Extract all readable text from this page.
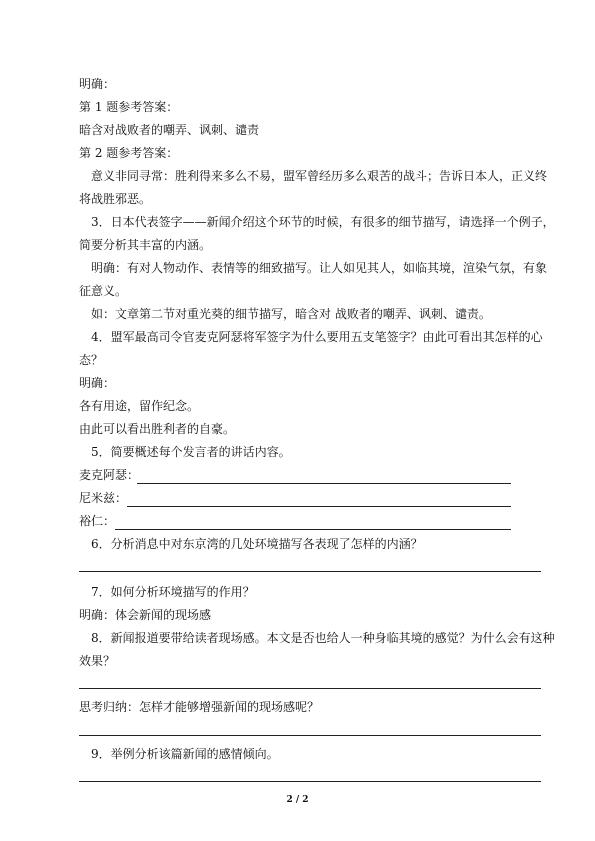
明确：
第 1 题参考答案：
暗含对战败者的嘲弄、讽刺、谴责
第 2 题参考答案：
意义非同寻常：胜利得来多么不易，盟军曾经历多么艰苦的战斗；告诉日本人，正义终
将战胜邪恶。
3．日本代表签字——新闻介绍这个环节的时候，有很多的细节描写，请选择一个例子，
简要分析其丰富的内涵。
明确：有对人物动作、表情等的细致描写。让人如见其人，如临其境，渲染气氛，有象
征意义。
如：文章第二节对重光葵的细节描写，暗含对 战败者的嘲弄、讽刺、谴责。
4．盟军最高司令官麦克阿瑟将军签字为什么要用五支笔签字？由此可看出其怎样的心
态？
明确：
各有用途，留作纪念。
由此可以看出胜利者的自豪。
5．简要概述每个发言者的讲话内容。
麦克阿瑟：
尼米兹：
裕仁：
6．分析消息中对东京湾的几处环境描写各表现了怎样的内涵？
7．如何分析环境描写的作用？
明确：体会新闻的现场感
8．新闻报道要带给读者现场感。本文是否也给人一种身临其境的感觉？为什么会有这种
效果？
思考归纳：怎样才能够增强新闻的现场感呢？
9．举例分析该篇新闻的感情倾向。
2 / 2
